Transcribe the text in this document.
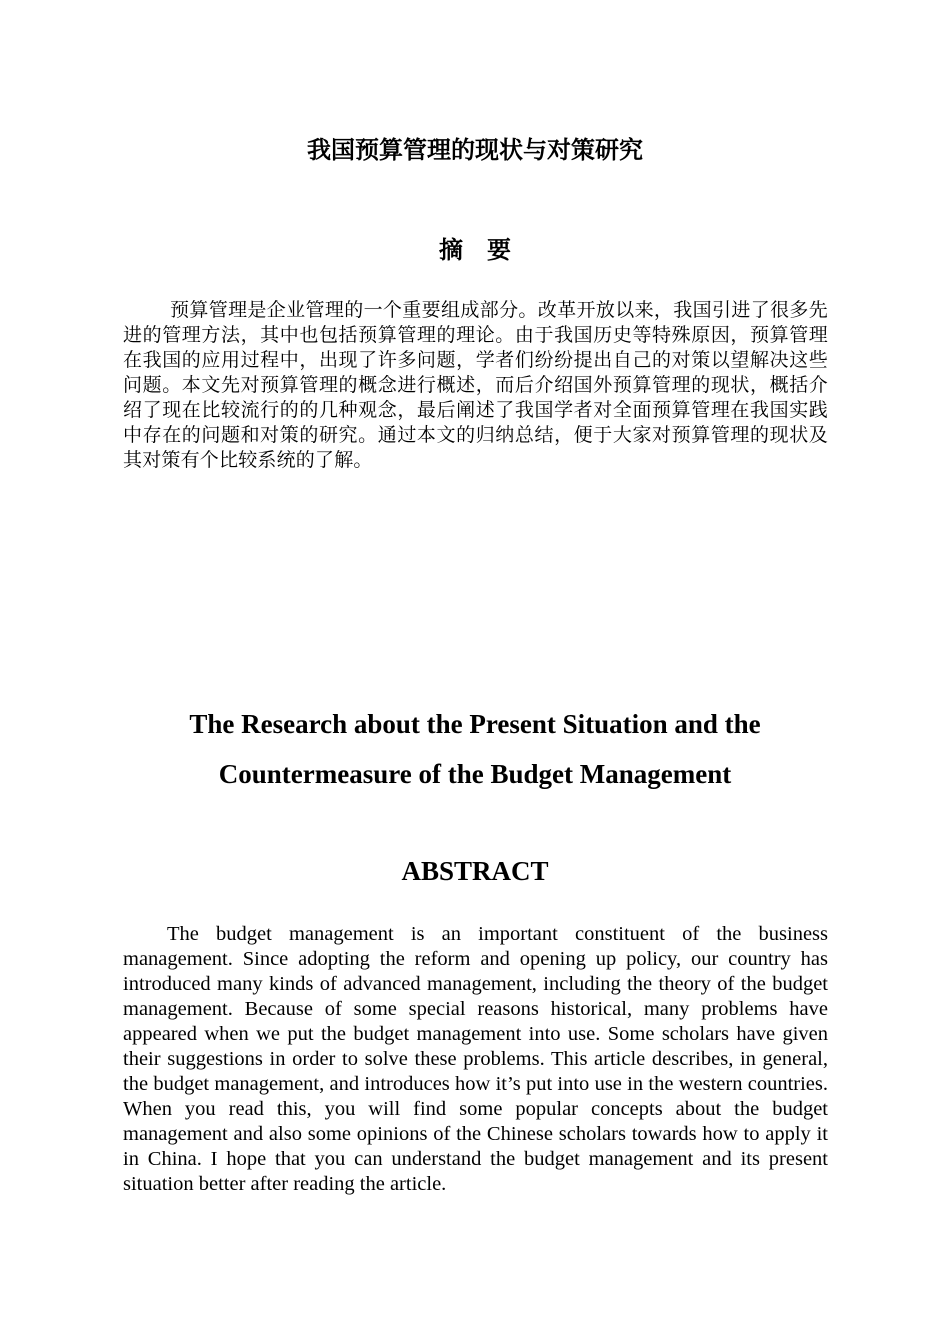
我国预算管理的现状与对策研究
摘要

预算管理是企业管理的一个重要组成部分。改革开放以来，我国引进了很多先进的管理方法，其中也包括预算管理的理论。由于我国历史等特殊原因，预算管理在我国的应用过程中，出现了许多问题，学者们纷纷提出自己的对策以望解决这些问题。本文先对预算管理的概念进行概述，而后介绍国外预算管理的现状，概括介绍了现在比较流行的的几种观念，最后阐述了我国学者对全面预算管理在我国实践中存在的问题和对策的研究。通过本文的归纳总结，便于大家对预算管理的现状及其对策有个比较系统的了解。

The Research about the Present Situation and the
Countermeasure of the Budget Management
ABSTRACT

The budget management is an important constituent of the business management. Since adopting the reform and opening up policy, our country has introduced many kinds of advanced management, including the theory of the budget management. Because of some special reasons historical, many problems have appeared when we put the budget management into use. Some scholars have given their suggestions in order to solve these problems. This article describes, in general, the budget management, and introduces how it’s put into use in the western countries. When you read this, you will find some popular concepts about the budget management and also some opinions of the Chinese scholars towards how to apply it in China. I hope that you can understand the budget management and its present situation better after reading the article.
